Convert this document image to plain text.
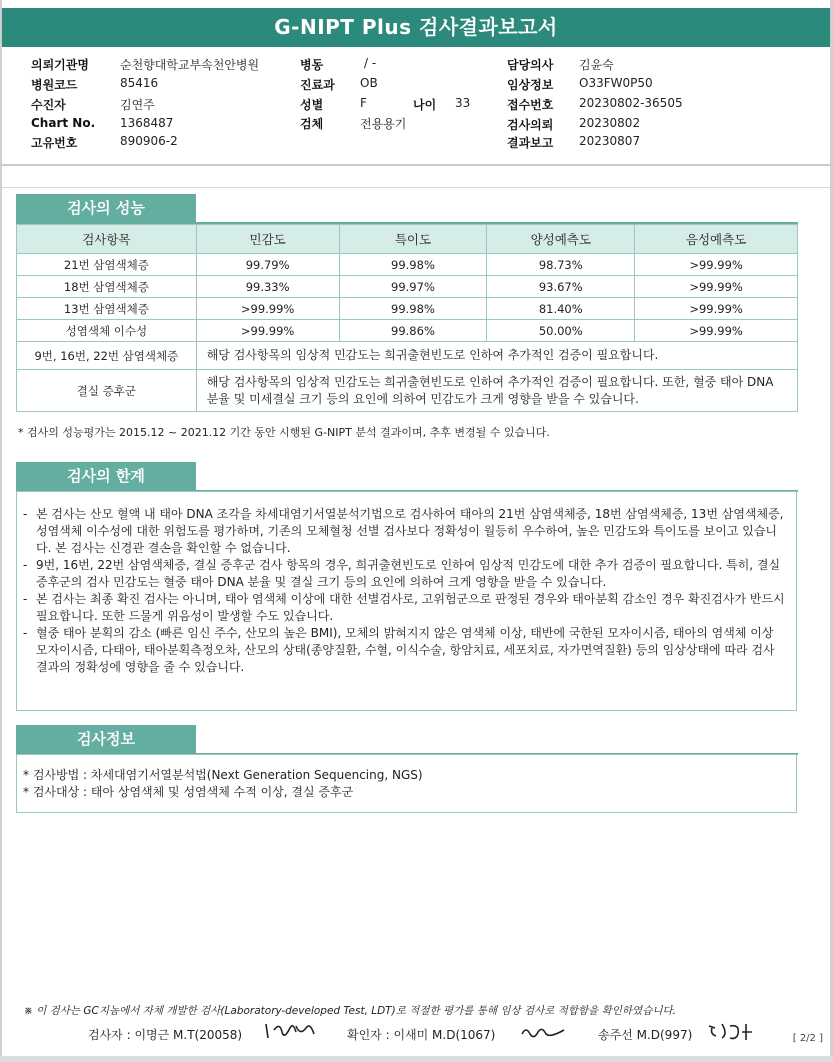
G-NIPT Plus 검사결과보고서
의뢰기관명	순천향대학교부속천안병원
병원코드	85416
수진자	김연주
Chart No. 1368487
고유번호	890906-2
병동	/ -
진료과 OB
성별	F	나이 33
검체	전용용기
담당의사 김윤숙
임상정보 O33FW0P50
접수번호 20230802-36505
검사의뢰 20230802
결과보고 20230807
검사의 성능
검사항목	민감도	특이도	양성예측도	음성예측도
21번 삼염색체증	99.79%	99.98%	98.73%	>99.99%
18번 삼염색체증	99.33%	99.97%	93.67%	>99.99%
13번 삼염색체증	>99.99%	99.98%	81.40%	>99.99%
성염색체 이수성	>99.99%	99.86%	50.00%	>99.99%
9번, 16번, 22번 삼염색체증	해당 검사항목의 임상적 민감도는 희귀출현빈도로 인하여 추가적인 검증이 필요합니다.			
결실 증후군	해당 검사항목의 임상적 민감도는 희귀출현빈도로 인하여 추가적인 검증이 필요합니다. 또한, 혈중 태아 DNA 분율 및 미세결실 크기 등의 요인에 의하여 민감도가 크게 영향을 받을 수 있습니다.			
* 검사의 성능평가는 2015.12 ~ 2021.12 기간 동안 시행된 G-NIPT 분석 결과이며, 추후 변경될 수 있습니다.
검사의 한계
- 본 검사는 산모 혈액 내 태아 DNA 조각을 차세대염기서열분석기법으로 검사하여 태아의 21번 삼염색체증, 18번 삼염색체증, 13번 삼염색체증, 성염색체 이수성에 대한 위험도를 평가하며, 기존의 모체혈청 선별 검사보다 정확성이 월등히 우수하여, 높은 민감도와 특이도를 보이고 있습니다. 본 검사는 신경관 결손을 확인할 수 없습니다.
- 9번, 16번, 22번 삼염색체증, 결실 증후군 검사 항목의 경우, 희귀출현빈도로 인하여 임상적 민감도에 대한 추가 검증이 필요합니다. 특히, 결실 증후군의 검사 민감도는 혈중 태아 DNA 분율 및 결실 크기 등의 요인에 의하여 크게 영향을 받을 수 있습니다.
- 본 검사는 최종 확진 검사는 아니며, 태아 염색체 이상에 대한 선별검사로, 고위험군으로 판정된 경우와 태아분획 감소인 경우 확진검사가 반드시 필요합니다. 또한 드물게 위음성이 발생할 수도 있습니다.
- 혈중 태아 분획의 감소 (빠른 임신 주수, 산모의 높은 BMI), 모체의 밝혀지지 않은 염색체 이상, 태반에 국한된 모자이시즘, 태아의 염색체 이상 모자이시즘, 다태아, 태아분획측정오차, 산모의 상태(종양질환, 수혈, 이식수술, 항암치료, 세포치료, 자가면역질환) 등의 임상상태에 따라 검사결과의 정확성에 영향을 줄 수 있습니다.
검사정보
* 검사방법 : 차세대염기서열분석법(Next Generation Sequencing, NGS)
* 검사대상 : 태아 상염색체 및 성염색체 수적 이상, 결실 증후군
※ 이 검사는 GC지놈에서 자체 개발한 검사(Laboratory-developed Test, LDT)로 적절한 평가를 통해 임상 검사로 적합함을 확인하였습니다.
검사자 : 이명근 M.T(20058)	확인자 : 이새미 M.D(1067)	송주선 M.D(997)	[ 2/2 ]
